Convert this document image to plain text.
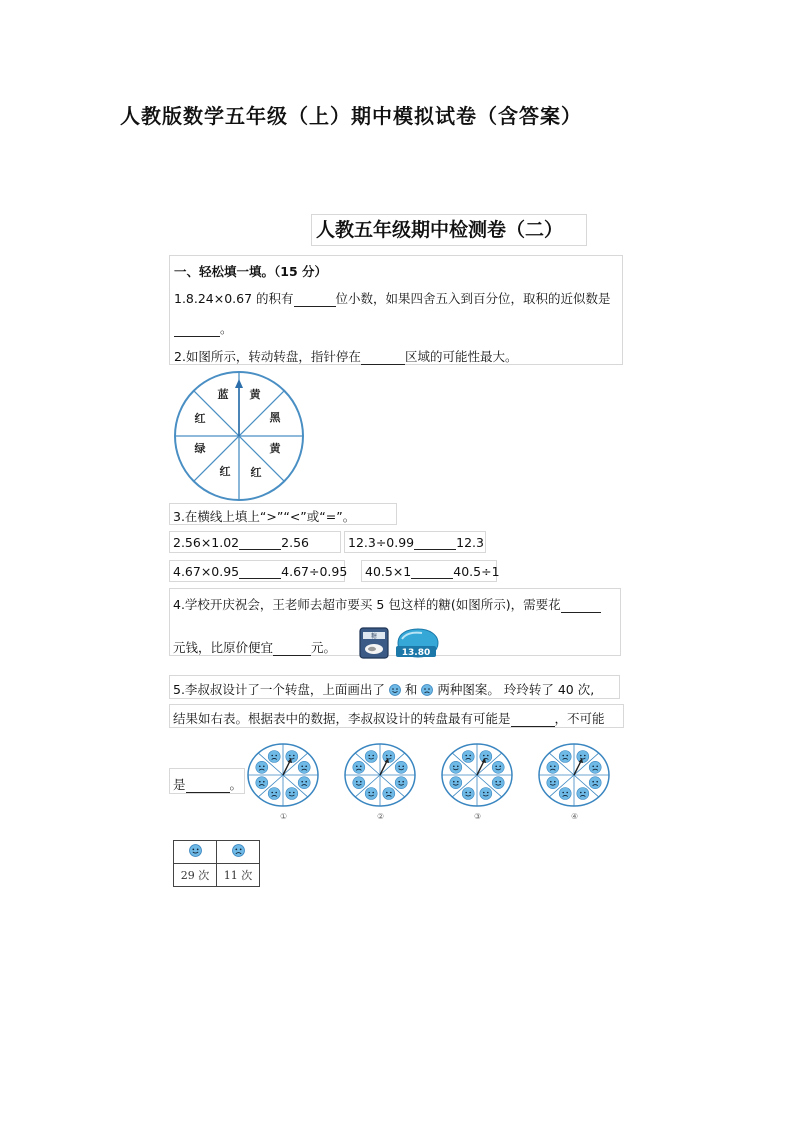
人教版数学五年级（上）期中模拟试卷（含答案）
人教五年级期中检测卷（二）
一、轻松填一填。（15 分）
1.8.24×0.67 的积有	位小数，如果四舍五入到百分位，取积的近似数是
。
2.如图所示，转动转盘，指针停在	区域的可能性最大。
黄
黑
黄
红
红
绿
红
蓝
3.在横线上填上“>”“<”或“=”。
2.56×1.02	2.56	12.3÷0.99	12.3
4.67×0.95	4.67÷0.95 40.5×1	40.5÷1
4.学校开庆祝会，王老师去超市要买 5 包这样的糖(如图所示)，需要花
元钱，比原价便宜	元。
糖
13.80
5.李叔叔设计了一个转盘，上面画出了 和 两种图案。 玲玲转了 40 次,
结果如右表。根据表中的数据，李叔叔设计的转盘最有可能是	，不可能
是	。
①	②	③	④

29 次	11 次
